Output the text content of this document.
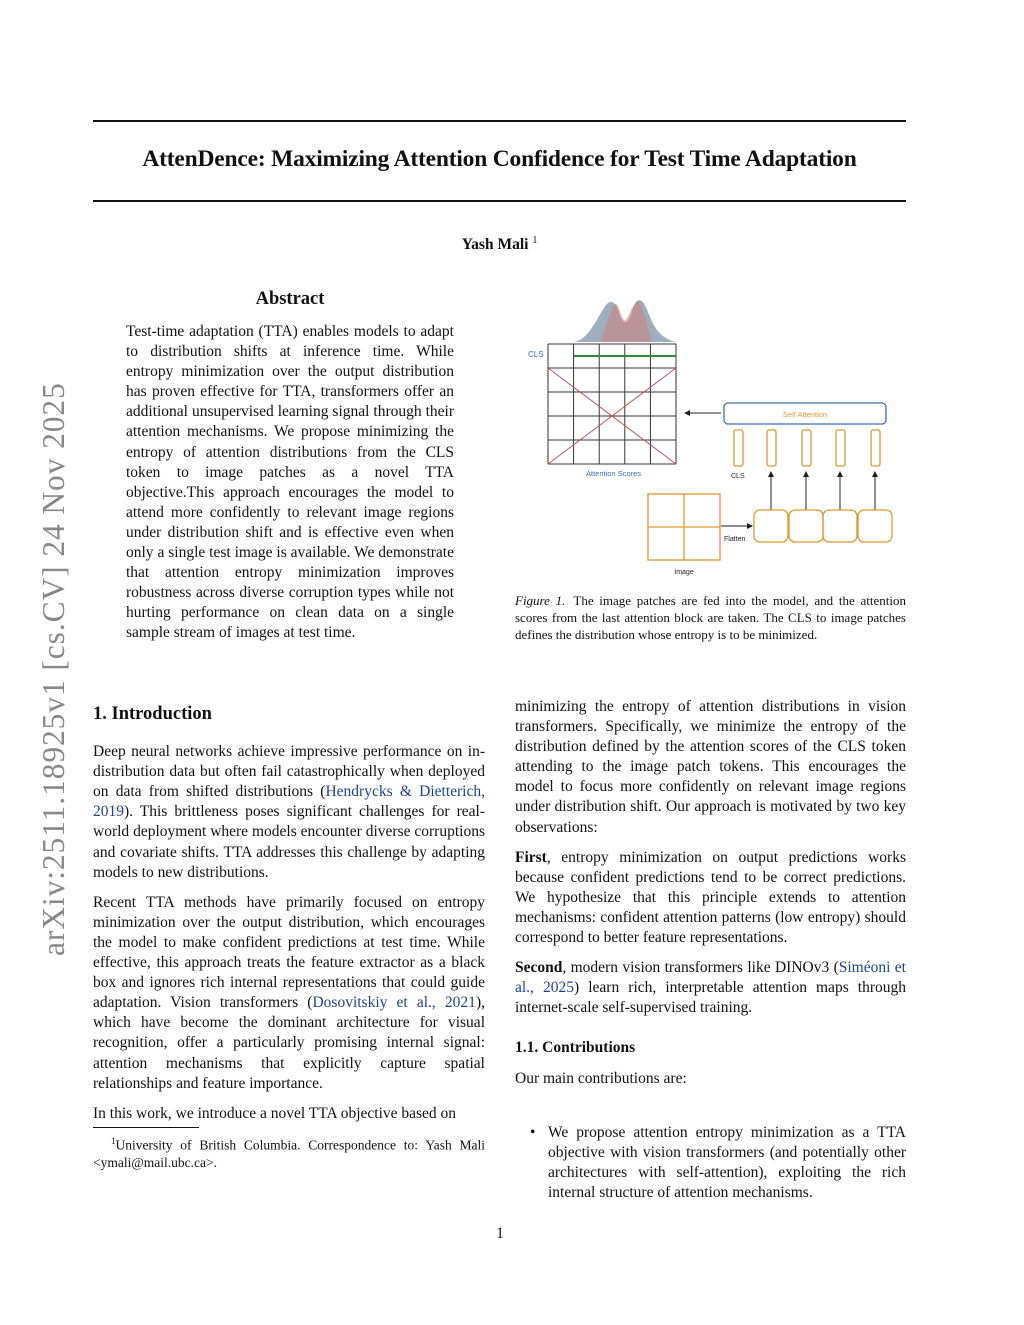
AttenDence: Maximizing Attention Confidence for Test Time Adaptation
Yash Mali $^1$
arXiv:2511.18925v1 [cs.CV] 24 Nov 2025
Abstract
Test-time adaptation (TTA) enables models to adapt to distribution shifts at inference time. While entropy minimization over the output distribution has proven effective for TTA, transformers offer an additional unsupervised learning signal through their attention mechanisms. We propose minimizing the entropy of attention distributions from the CLS token to image patches as a novel TTA objective.This approach encourages the model to attend more confidently to relevant image regions under distribution shift and is effective even when only a single test image is available. We demonstrate that attention entropy minimization improves robustness across diverse corruption types while not hurting performance on clean data on a single sample stream of images at test time.
CLS
Attention Scores
Self Attention
CLS
Flatten
Image
Figure 1. The image patches are fed into the model, and the attention scores from the last attention block are taken. The CLS to image patches defines the distribution whose entropy is to be minimized.
1. Introduction

Deep neural networks achieve impressive performance on in-distribution data but often fail catastrophically when deployed on data from shifted distributions (Hendrycks & Dietterich, 2019). This brittleness poses significant challenges for real-world deployment where models encounter diverse corruptions and covariate shifts. TTA addresses this challenge by adapting models to new distributions.

Recent TTA methods have primarily focused on entropy minimization over the output distribution, which encourages the model to make confident predictions at test time. While effective, this approach treats the feature extractor as a black box and ignores rich internal representations that could guide adaptation. Vision transformers (Dosovitskiy et al., 2021), which have become the dominant architecture for visual recognition, offer a particularly promising internal signal: attention mechanisms that explicitly capture spatial relationships and feature importance.

In this work, we introduce a novel TTA objective based on

$^1$University of British Columbia. Correspondence to: Yash Mali <ymali@mail.ubc.ca>.

minimizing the entropy of attention distributions in vision transformers. Specifically, we minimize the entropy of the distribution defined by the attention scores of the CLS token attending to the image patch tokens. This encourages the model to focus more confidently on relevant image regions under distribution shift. Our approach is motivated by two key observations:

First, entropy minimization on output predictions works because confident predictions tend to be correct predictions. We hypothesize that this principle extends to attention mechanisms: confident attention patterns (low entropy) should correspond to better feature representations.

Second, modern vision transformers like DINOv3 (Siméoni et al., 2025) learn rich, interpretable attention maps through internet-scale self-supervised training.

1.1. Contributions

Our main contributions are:

• We propose attention entropy minimization as a TTA objective with vision transformers (and potentially other architectures with self-attention), exploiting the rich internal structure of attention mechanisms.
1
